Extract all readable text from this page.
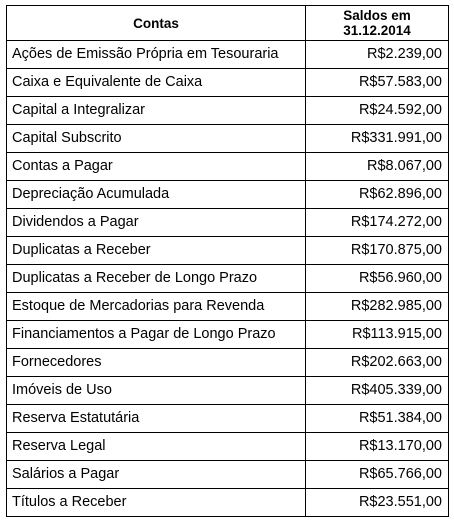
Contas	Saldos em
31.12.2014

Ações de Emissão Própria em Tesouraria	R$2.239,00
Caixa e Equivalente de Caixa	R$57.583,00
Capital a Integralizar	R$24.592,00
Capital Subscrito	R$331.991,00
Contas a Pagar	R$8.067,00
Depreciação Acumulada	R$62.896,00
Dividendos a Pagar	R$174.272,00
Duplicatas a Receber	R$170.875,00
Duplicatas a Receber de Longo Prazo	R$56.960,00
Estoque de Mercadorias para Revenda	R$282.985,00
Financiamentos a Pagar de Longo Prazo	R$113.915,00
Fornecedores	R$202.663,00
Imóveis de Uso	R$405.339,00
Reserva Estatutária	R$51.384,00
Reserva Legal	R$13.170,00
Salários a Pagar	R$65.766,00
Títulos a Receber	R$23.551,00
